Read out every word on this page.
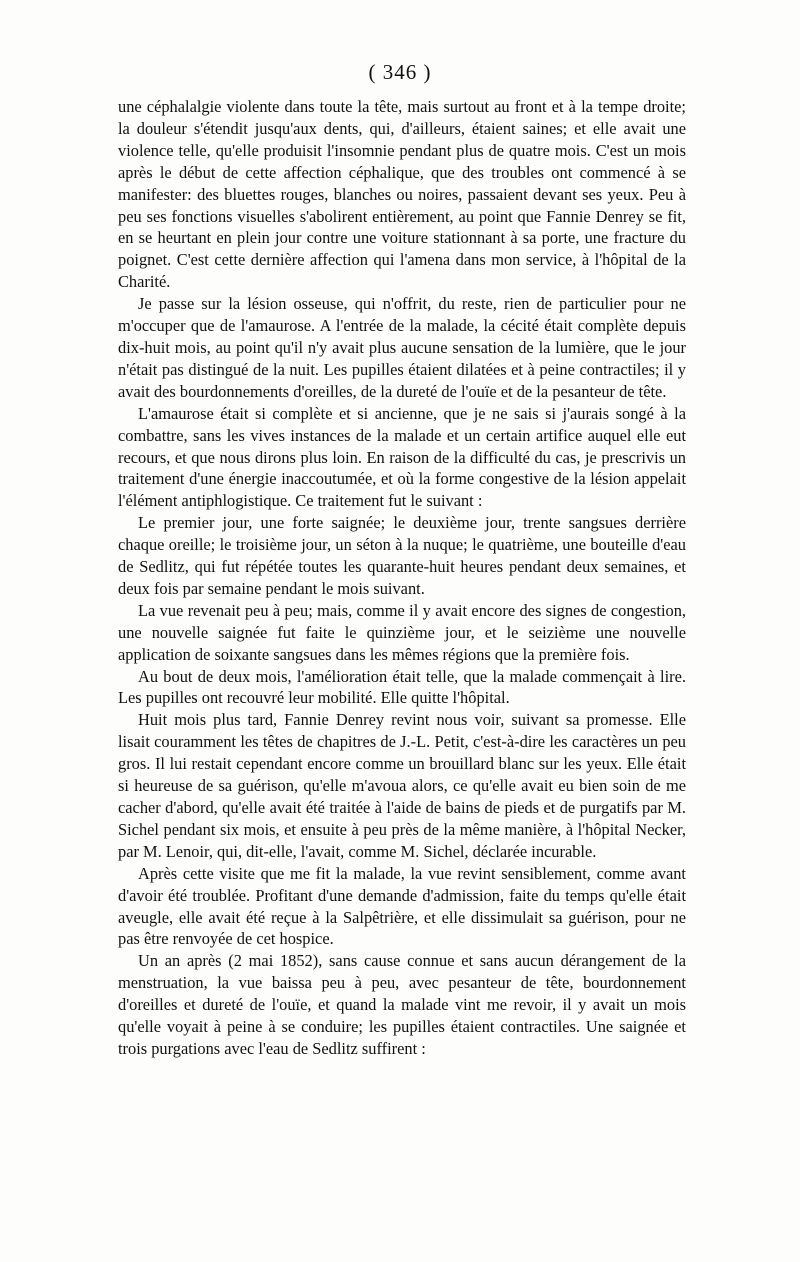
( 346 )

une céphalalgie violente dans toute la tête, mais surtout au front et à la tempe droite; la douleur s'étendit jusqu'aux dents, qui, d'ailleurs, étaient saines; et elle avait une violence telle, qu'elle produisit l'insomnie pendant plus de quatre mois. C'est un mois après le début de cette affection céphalique, que des troubles ont commencé à se manifester: des bluettes rouges, blanches ou noires, passaient devant ses yeux. Peu à peu ses fonctions visuelles s'abolirent entièrement, au point que Fannie Denrey se fit, en se heurtant en plein jour contre une voiture stationnant à sa porte, une fracture du poignet. C'est cette dernière affection qui l'amena dans mon service, à l'hôpital de la Charité.

Je passe sur la lésion osseuse, qui n'offrit, du reste, rien de particulier pour ne m'occuper que de l'amaurose. A l'entrée de la malade, la cécité était complète depuis dix-huit mois, au point qu'il n'y avait plus aucune sensation de la lumière, que le jour n'était pas distingué de la nuit. Les pupilles étaient dilatées et à peine contractiles; il y avait des bourdonnements d'oreilles, de la dureté de l'ouïe et de la pesanteur de tête.

L'amaurose était si complète et si ancienne, que je ne sais si j'aurais songé à la combattre, sans les vives instances de la malade et un certain artifice auquel elle eut recours, et que nous dirons plus loin. En raison de la difficulté du cas, je prescrivis un traitement d'une énergie inaccoutumée, et où la forme congestive de la lésion appelait l'élément antiphlogistique. Ce traitement fut le suivant :

Le premier jour, une forte saignée; le deuxième jour, trente sangsues derrière chaque oreille; le troisième jour, un séton à la nuque; le quatrième, une bouteille d'eau de Sedlitz, qui fut répétée toutes les quarante-huit heures pendant deux semaines, et deux fois par semaine pendant le mois suivant.

La vue revenait peu à peu; mais, comme il y avait encore des signes de congestion, une nouvelle saignée fut faite le quinzième jour, et le seizième une nouvelle application de soixante sangsues dans les mêmes régions que la première fois.

Au bout de deux mois, l'amélioration était telle, que la malade commençait à lire. Les pupilles ont recouvré leur mobilité. Elle quitte l'hôpital.

Huit mois plus tard, Fannie Denrey revint nous voir, suivant sa promesse. Elle lisait couramment les têtes de chapitres de J.-L. Petit, c'est-à-dire les caractères un peu gros. Il lui restait cependant encore comme un brouillard blanc sur les yeux. Elle était si heureuse de sa guérison, qu'elle m'avoua alors, ce qu'elle avait eu bien soin de me cacher d'abord, qu'elle avait été traitée à l'aide de bains de pieds et de purgatifs par M. Sichel pendant six mois, et ensuite à peu près de la même manière, à l'hôpital Necker, par M. Lenoir, qui, dit-elle, l'avait, comme M. Sichel, déclarée incurable.

Après cette visite que me fit la malade, la vue revint sensiblement, comme avant d'avoir été troublée. Profitant d'une demande d'admission, faite du temps qu'elle était aveugle, elle avait été reçue à la Salpêtrière, et elle dissimulait sa guérison, pour ne pas être renvoyée de cet hospice.

Un an après (2 mai 1852), sans cause connue et sans aucun dérangement de la menstruation, la vue baissa peu à peu, avec pesanteur de tête, bourdonnement d'oreilles et dureté de l'ouïe, et quand la malade vint me revoir, il y avait un mois qu'elle voyait à peine à se conduire; les pupilles étaient contractiles. Une saignée et trois purgations avec l'eau de Sedlitz suffirent :
